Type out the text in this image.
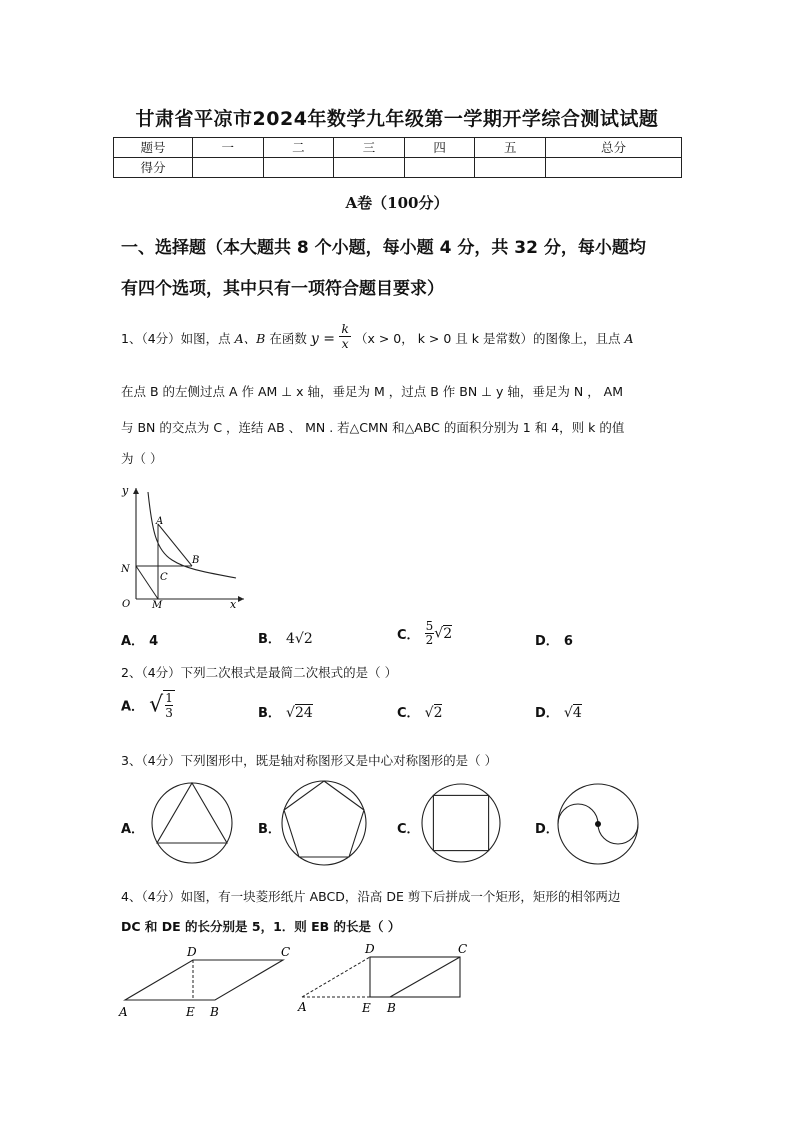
甘肃省平凉市2024年数学九年级第一学期开学综合测试试题
题号	一	二	三	四	五	总分
得分						
A卷（100分）
一、选择题（本大题共 8 个小题，每小题 4 分，共 32 分，每小题均
有四个选项，其中只有一项符合题目要求）
1、（4分）如图，点 A、B 在函数 $y = \frac{k}{x} (x > 0$， k > 0 且 k 是常数）的图像上，且点 A
在点 B 的左侧过点 A 作 AM ⊥ x 轴，垂足为 M ，过点 B 作 BN ⊥ y 轴，垂足为 N ， AM
与 BN 的交点为 C ，连结 AB 、 MN . 若△CMN 和△ABC 的面积分别为 1 和 4，则 k 的值
为（ ）
y
x
A
B
C
N
O M
A． 4	B． 4√2	C． $\frac{5}{2} √2$	D． 6
2、（4分）下列二次根式是最简二次根式的是（ ）
A． √ $\frac{1}{3}$	B． √24	C． √2	D． √4
3、（4分）下列图形中，既是轴对称图形又是中心对称图形的是（ ）
A．	B．	C．	D．
4、（4分）如图，有一块菱形纸片 ABCD，沿高 DE 剪下后拼成一个矩形，矩形的相邻两边
DC 和 DE 的长分别是 5，1．则 EB 的长是（ ）
D	C
A	E B
D	C
A	E B
